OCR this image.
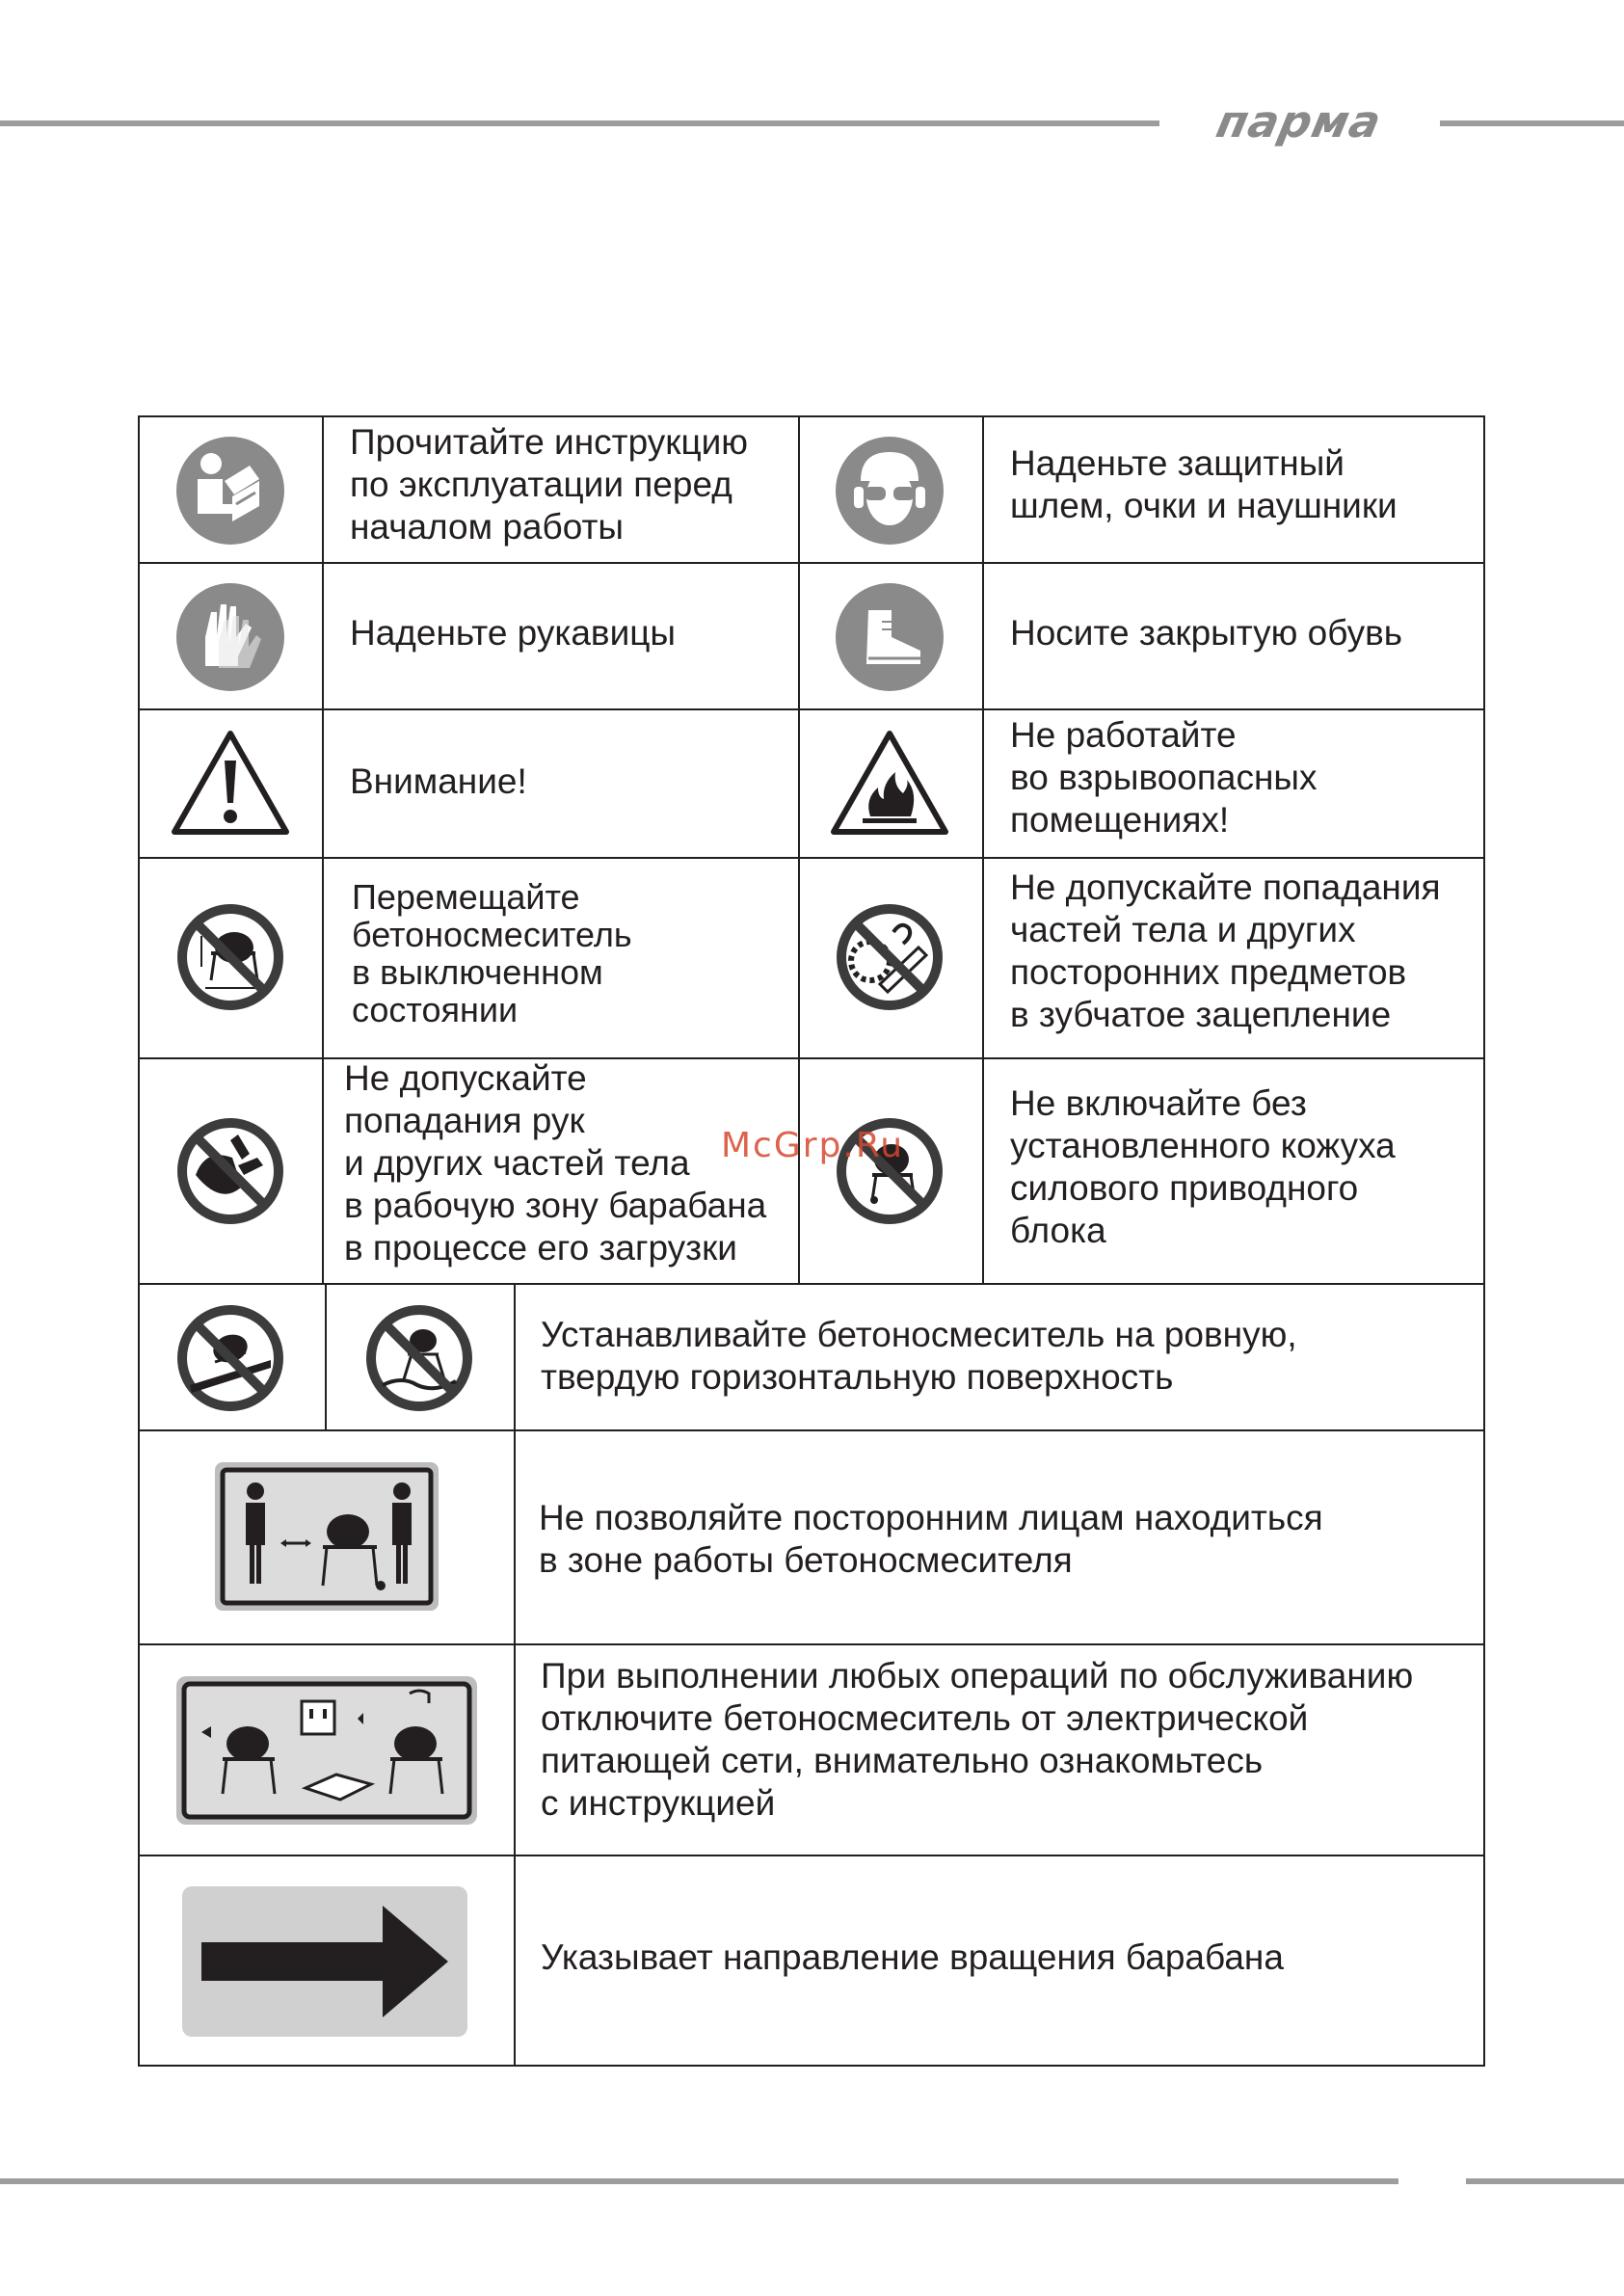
парма
Прочитайте инструкцию
по эксплуатации перед
началом работы
Наденьте защитный
шлем, очки и наушники
Наденьте рукавицы	Носите закрытую обувь
Внимание!
Не работайте
во взрывоопасных
помещениях!
Перемещайте
бетоносмеситель
в выключенном
состоянии
Не допускайте попадания
частей тела и других
посторонних предметов
в зубчатое зацепление
Не допускайте
попадания рук
и других частей тела
в рабочую зону барабана
в процессе его загрузки
Не включайте без
установленного кожуха
силового приводного
блока
Устанавливайте бетоносмеситель на ровную,
твердую горизонтальную поверхность
Не позволяйте посторонним лицам находиться
в зоне работы бетоносмесителя
При выполнении любых операций по обслуживанию
отключите бетоносмеситель от электрической
питающей сети, внимательно ознакомьтесь
с инструкцией
Указывает направление вращения барабана
McGrp.Ru
